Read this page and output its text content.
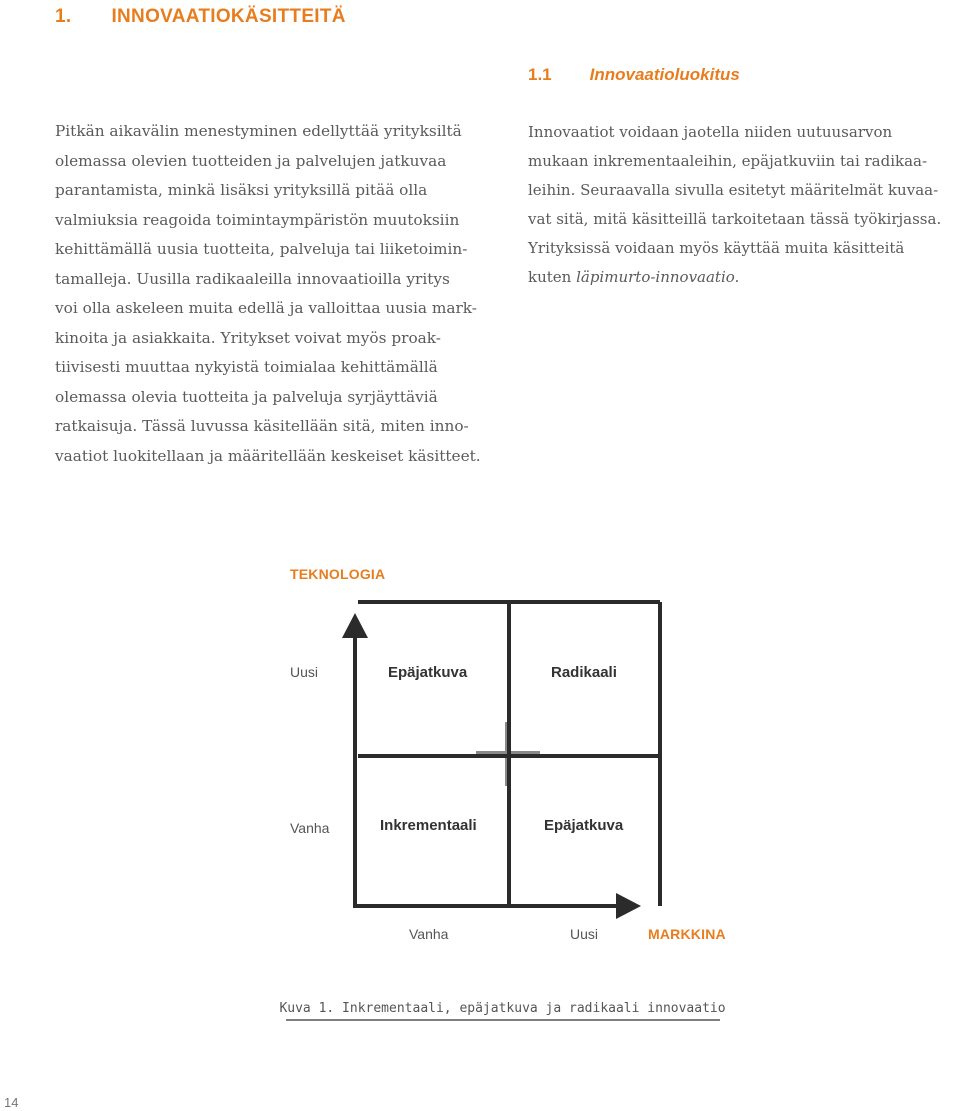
1. INNOVAATIOKÄSITTEITÄ
1.1 Innovaatioluokitus

Pitkän aikavälin menestyminen edellyttää yrityksiltä
olemassa olevien tuotteiden ja palvelujen jatkuvaa
parantamista, minkä lisäksi yrityksillä pitää olla
valmiuksia reagoida toimintaympäristön muutoksiin
kehittämällä uusia tuotteita, palveluja tai liiketoimin-
tamalleja. Uusilla radikaaleilla innovaatioilla yritys
voi olla askeleen muita edellä ja valloittaa uusia mark-
kinoita ja asiakkaita. Yritykset voivat myös proak-
tiivisesti muuttaa nykyistä toimialaa kehittämällä
olemassa olevia tuotteita ja palveluja syrjäyttäviä
ratkaisuja. Tässä luvussa käsitellään sitä, miten inno-
vaatiot luokitellaan ja määritellään keskeiset käsitteet.

Innovaatiot voidaan jaotella niiden uutuusarvon
mukaan inkrementaaleihin, epäjatkuviin tai radikaa-
leihin. Seuraavalla sivulla esitetyt määritelmät kuvaa-
vat sitä, mitä käsitteillä tarkoitetaan tässä työkirjassa.
Yrityksissä voidaan myös käyttää muita käsitteitä
kuten läpimurto-innovaatio.

TEKNOLOGIA
Uusi
Vanha
Epäjatkuva	Radikaali
Inkrementaali	Epäjatkuva
Vanha	Uusi	MARKKINA
Kuva 1. Inkrementaali, epäjatkuva ja radikaali innovaatio
14
